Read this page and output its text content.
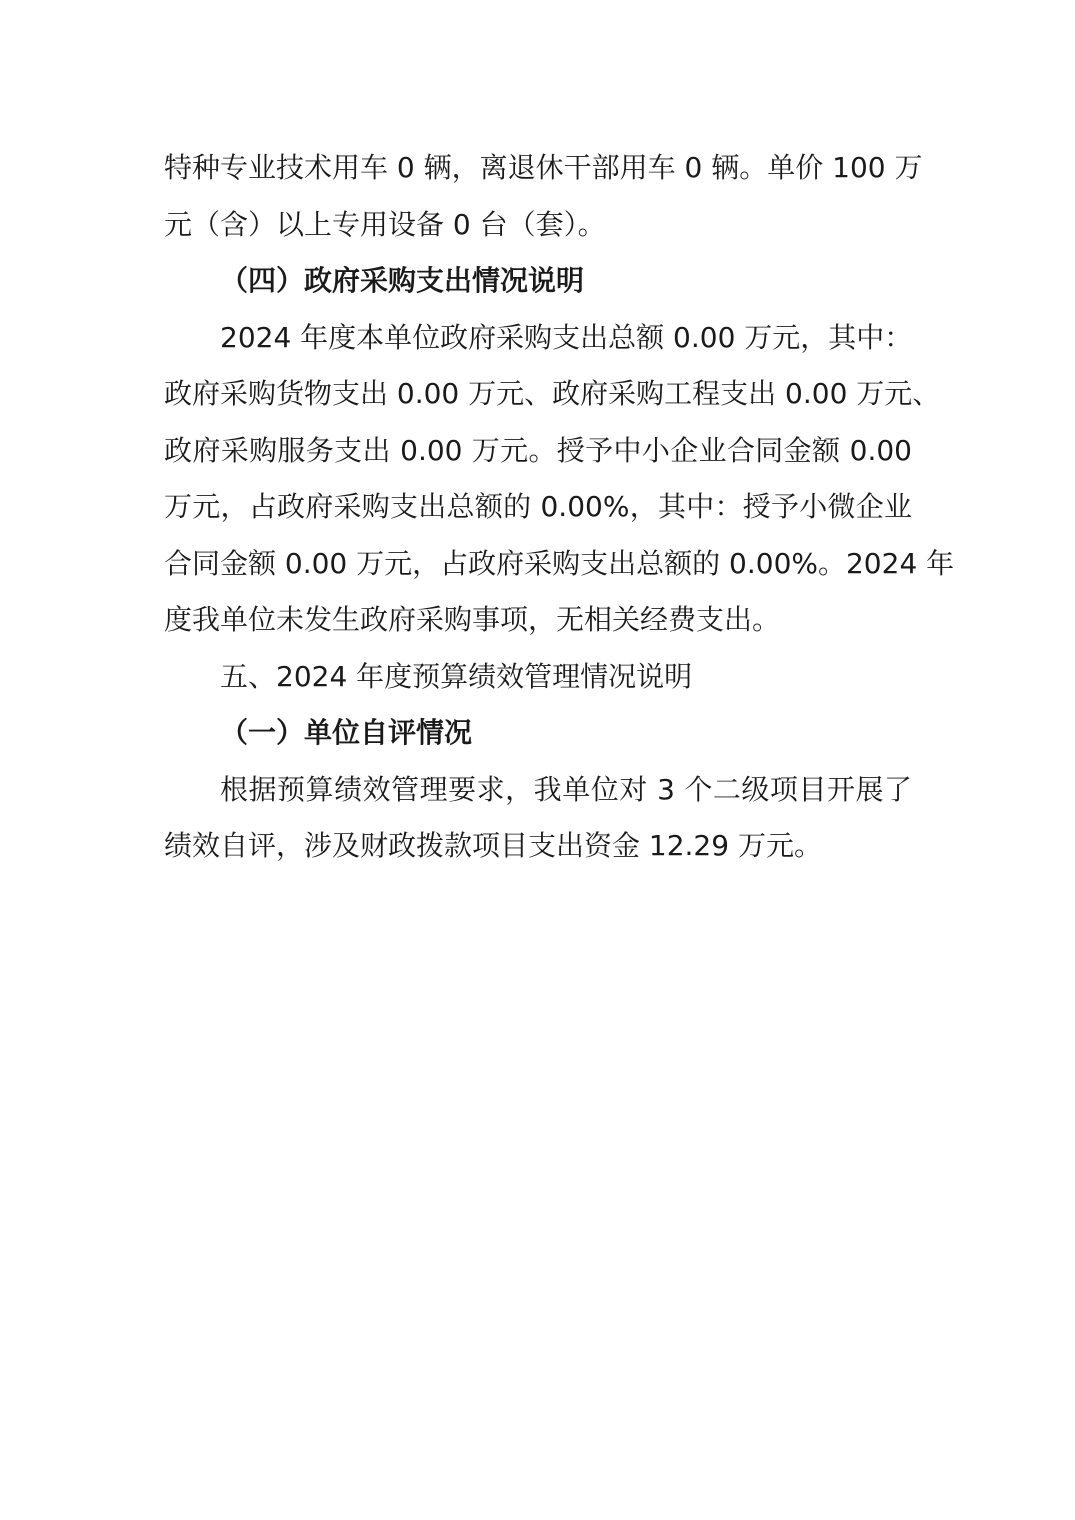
特种专业技术用车 0 辆，离退休干部用车 0 辆。单价 100 万
元（含）以上专用设备 0 台（套）。
（四）政府采购支出情况说明
2024 年度本单位政府采购支出总额 0.00 万元，其中：
政府采购货物支出 0.00 万元、政府采购工程支出 0.00 万元、
政府采购服务支出 0.00 万元。授予中小企业合同金额 0.00
万元，占政府采购支出总额的 0.00%，其中：授予小微企业
合同金额 0.00 万元，占政府采购支出总额的 0.00%。2024 年
度我单位未发生政府采购事项，无相关经费支出。
五、2024 年度预算绩效管理情况说明
（一）单位自评情况
根据预算绩效管理要求，我单位对 3 个二级项目开展了
绩效自评，涉及财政拨款项目支出资金 12.29 万元。
